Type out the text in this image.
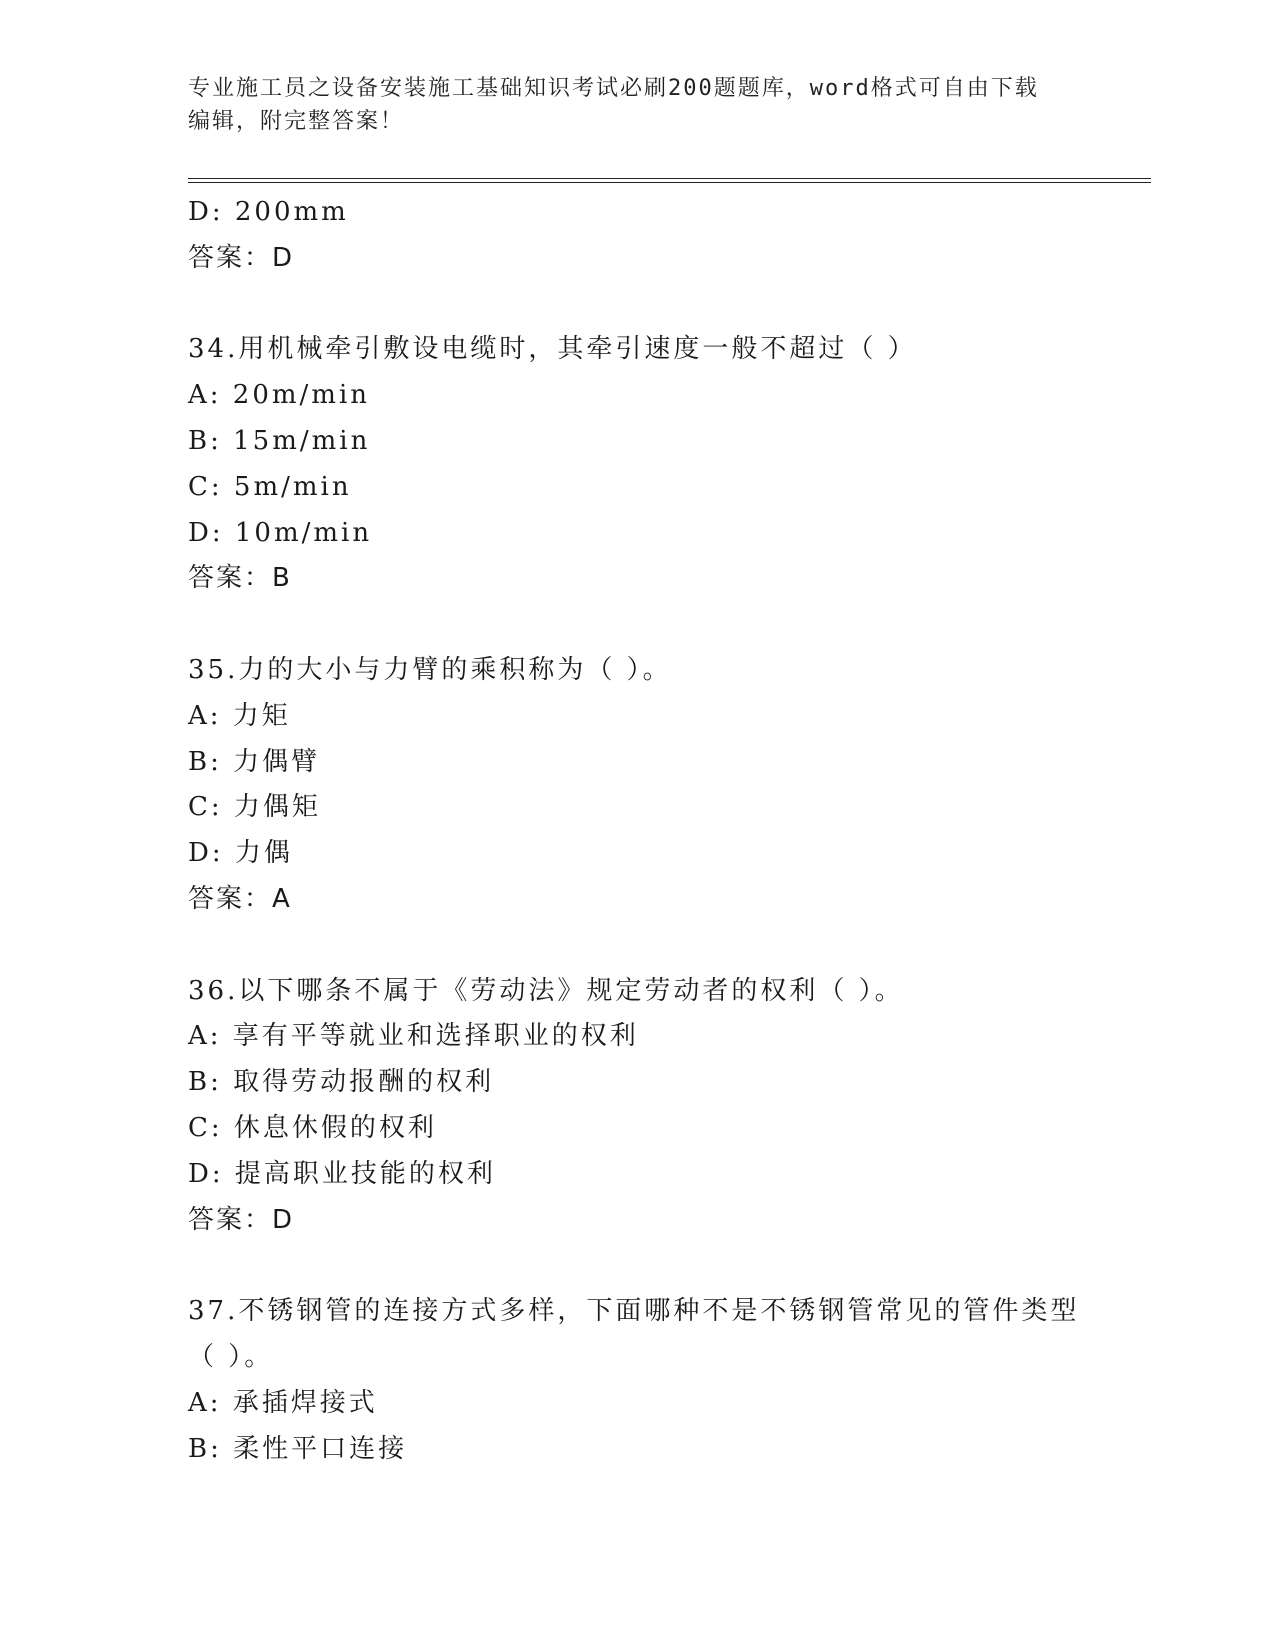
专业施工员之设备安装施工基础知识考试必刷200题题库，word格式可自由下载
编辑，附完整答案！
D: 200mm
答案：D
34.用机械牵引敷设电缆时，其牵引速度一般不超过（ ）
A: 20m/min
B: 15m/min
C: 5m/min
D: 10m/min
答案：B
35.力的大小与力臂的乘积称为（ ）。
A: 力矩
B: 力偶臂
C: 力偶矩
D: 力偶
答案：A
36.以下哪条不属于《劳动法》规定劳动者的权利（ ）。
A: 享有平等就业和选择职业的权利
B: 取得劳动报酬的权利
C: 休息休假的权利
D: 提高职业技能的权利
答案：D
37.不锈钢管的连接方式多样，下面哪种不是不锈钢管常见的管件类型
（ ）。
A: 承插焊接式
B: 柔性平口连接
